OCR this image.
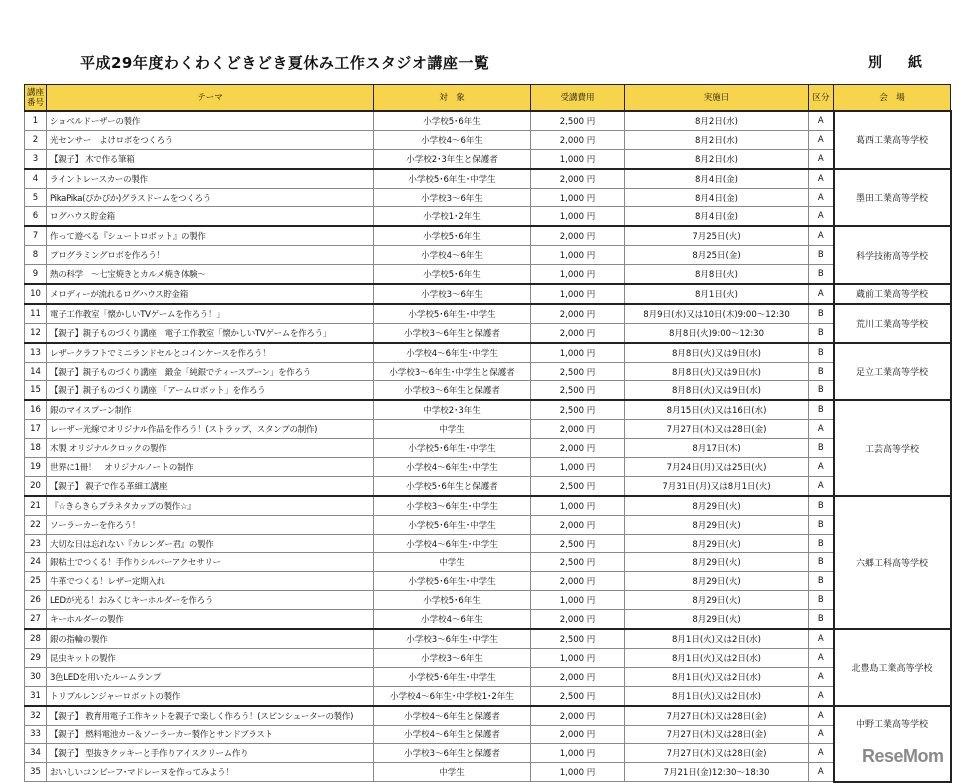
平成29年度わくわくどきどき夏休み工作スタジオ講座一覧	別　紙
講座番号	テーマ	対　象	受講費用	実施日	区分	会　場
1	ショベルドーザーの製作	小学校5･6年生	2,500 円	8月2日(水)	A	葛西工業高等学校
2	光センサー　よけロボをつくろう	小学校4～6年生	2,000 円	8月2日(水)	A	
3	【親子】 木で作る筆箱	小学校2･3年生と保護者	1,000 円	8月2日(水)	A	
4	ライントレースカーの製作	小学校5･6年生･中学生	2,000 円	8月4日(金)	A	墨田工業高等学校
5	PikaPika(ぴかぴか)グラスドームをつくろう	小学校3～6年生	1,000 円	8月4日(金)	A	
6	ログハウス貯金箱	小学校1･2年生	1,000 円	8月4日(金)	A	
7	作って遊べる『シュートロボット』の製作	小学校5･6年生	2,000 円	7月25日(火)	A	科学技術高等学校
8	プログラミングロボを作ろう！	小学校4～6年生	1,000 円	8月25日(金)	B	
9	熱の科学　～七宝焼きとカルメ焼き体験～	小学校5･6年生	1,000 円	8月8日(火)	B	
10	メロディーが流れるログハウス貯金箱	小学校3～6年生	1,000 円	8月1日(火)	A	蔵前工業高等学校
11	電子工作教室「懐かしいTVゲームを作ろう！」	小学校5･6年生･中学生	2,000 円	8月9日(水)又は10日(木)9:00～12:30	B	荒川工業高等学校
12	【親子】親子ものづくり講座　電子工作教室「懐かしいTVゲームを作ろう」	小学校3～6年生と保護者	2,000 円	8月8日(火)9:00～12:30	B	
13	レザークラフトでミニランドセルとコインケースを作ろう！	小学校4～6年生･中学生	1,000 円	8月8日(火)又は9日(水)	B	足立工業高等学校
14	【親子】親子ものづくり講座　鍛金「純銀でティースプーン」を作ろう	小学校3～6年生･中学生と保護者	2,500 円	8月8日(火)又は9日(水)	B	
15	【親子】親子ものづくり講座 「アームロボット」を作ろう	小学校3～6年生と保護者	2,500 円	8月8日(火)又は9日(水)	B	
16	銀のマイスプーン制作	中学校2･3年生	2,500 円	8月15日(火)又は16日(水)	B	工芸高等学校
17	レーザー光線でオリジナル作品を作ろう！(ストラップ、スタンプの制作)	中学生	2,000 円	7月27日(木)又は28日(金)	A	
18	木製 オリジナルクロックの製作	小学校5･6年生･中学生	2,000 円	8月17日(木)	B	
19	世界に1冊！　オリジナルノートの制作	小学校4～6年生･中学生	1,000 円	7月24日(月)又は25日(火)	A	
20	【親子】 親子で作る革細工講座	小学校5･6年生と保護者	2,500 円	7月31日(月)又は8月1日(火)	A	
21	『☆きらきらプラネタカップの製作☆』	小学校3～6年生･中学生	1,000 円	8月29日(火)	B	六郷工科高等学校
22	ソーラーカーを作ろう！	小学校5･6年生･中学生	2,000 円	8月29日(火)	B	
23	大切な日は忘れない『カレンダー君』の製作	小学校4～6年生･中学生	2,500 円	8月29日(火)	B	
24	銀粘土でつくる！手作りシルバーアクセサリー	中学生	2,500 円	8月29日(火)	B	
25	牛革でつくる！レザー定期入れ	小学校5･6年生･中学生	2,000 円	8月29日(火)	B	
26	LEDが光る！おみくじキーホルダーを作ろう	小学校5･6年生	1,000 円	8月29日(火)	B	
27	キーホルダーの製作	小学校4～6年生	2,000 円	8月29日(火)	B	
28	銀の指輪の製作	小学校3～6年生･中学生	2,500 円	8月1日(火)又は2日(水)	A	北豊島工業高等学校
29	昆虫キットの製作	小学校3～6年生	1,000 円	8月1日(火)又は2日(水)	A	
30	3色LEDを用いたルームランプ	小学校5･6年生･中学生	2,000 円	8月1日(火)又は2日(水)	A	
31	トリプルレンジャーロボットの製作	小学校4～6年生･中学校1･2年生	2,500 円	8月1日(火)又は2日(水)	A	
32	【親子】 教育用電子工作キットを親子で楽しく作ろう！(スピンシューターの製作)	小学校4～6年生と保護者	2,000 円	7月27日(木)又は28日(金)	A	中野工業高等学校
33	【親子】 燃料電池カー＆ソーラーカー製作とサンドブラスト	小学校4～6年生と保護者	2,000 円	7月27日(木)又は28日(金)	A	
34	【親子】 型抜きクッキーと手作りアイスクリーム作り	小学校3～6年生と保護者	1,000 円	7月27日(木)又は28日(金)	A	
35	おいしいコンビーフ･マドレーヌを作ってみよう！	中学生	1,000 円	7月21日(金)12:30～18:30	A	
ReseMom
